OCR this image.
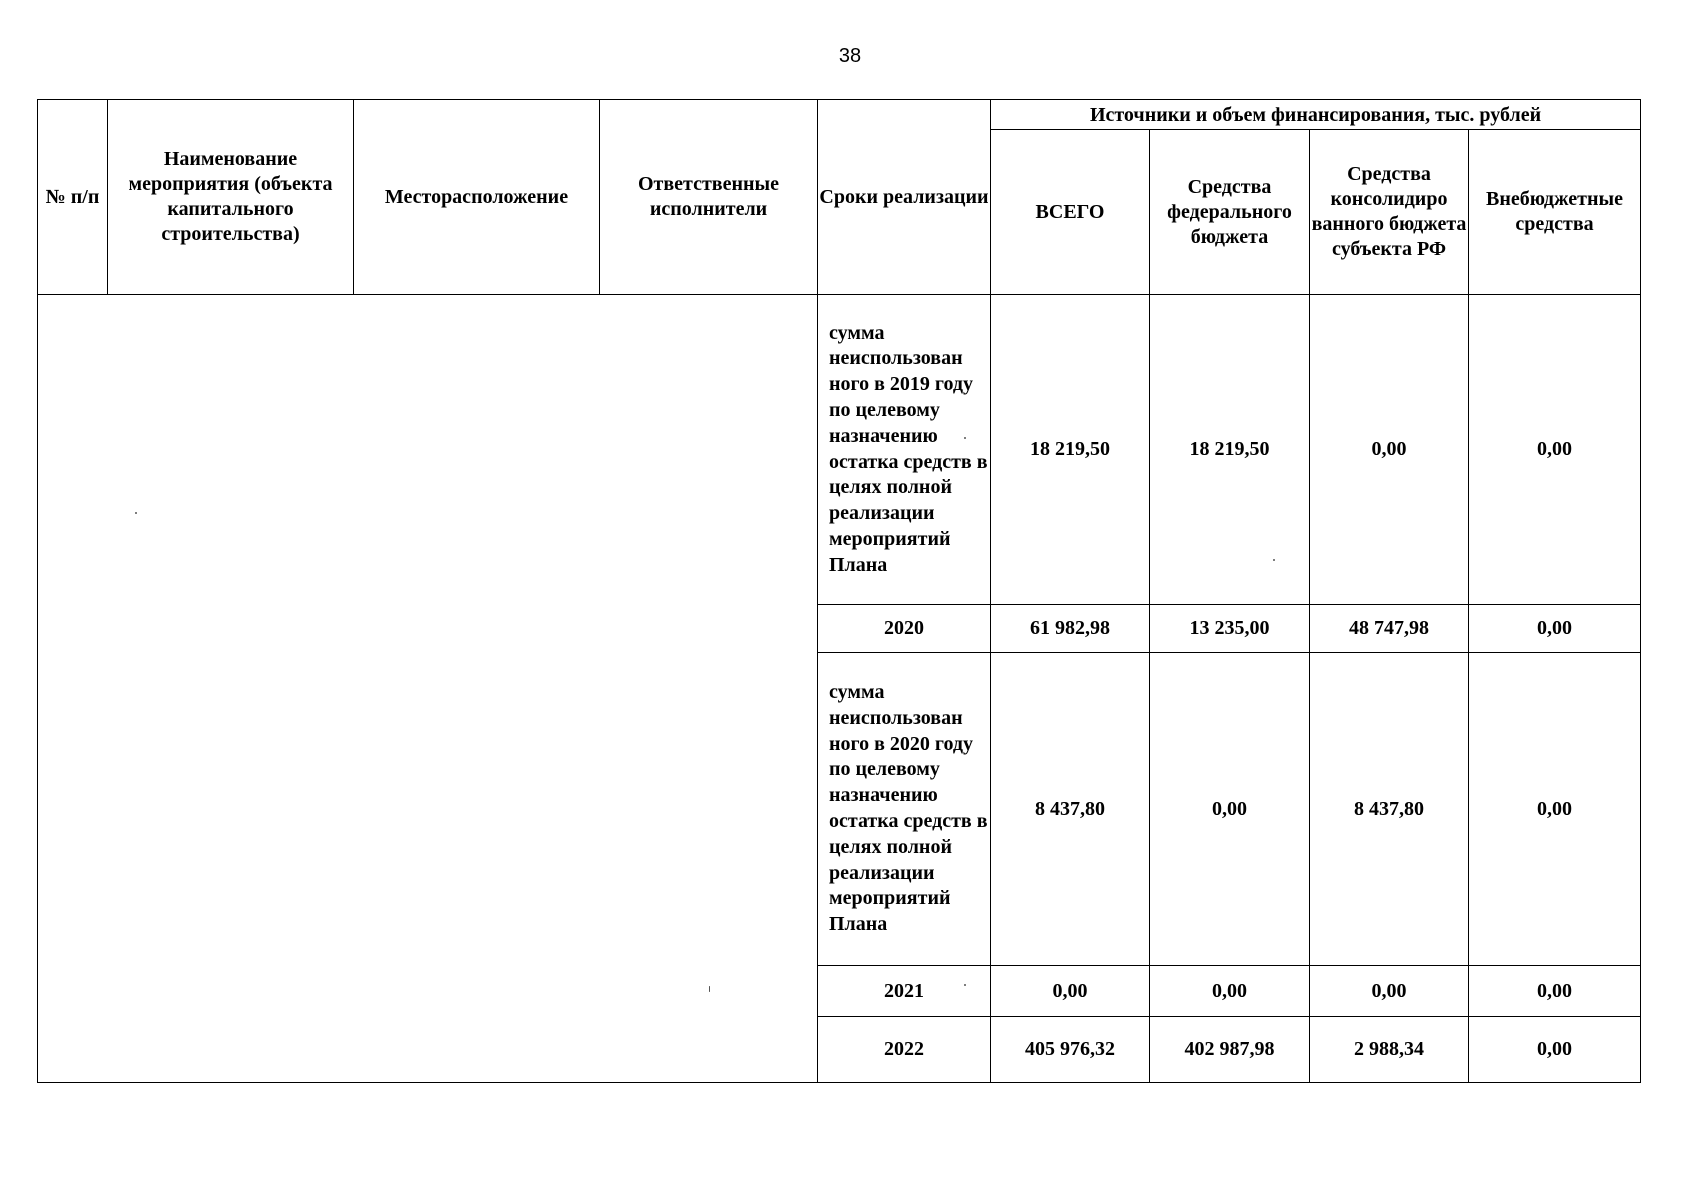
38
№ п/п	Наименование мероприятия (объекта капитального строительства)	Месторасположение	Ответственные исполнители	Сроки реализации	Источники и объем финансирования, тыс. рублей			
					ВСЕГО	Средства федерального бюджета	Средства консолидиро ванного бюджета субъекта РФ	Внебюджетные средства
				сумма неиспользован ного в 2019 году по целевому назначению остатка средств в целях полной реализации мероприятий Плана	18 219,50	18 219,50	0,00	0,00
				2020	61 982,98	13 235,00	48 747,98	0,00
				сумма неиспользован ного в 2020 году по целевому назначению остатка средств в целях полной реализации мероприятий Плана	8 437,80	0,00	8 437,80	0,00
				2021	0,00	0,00	0,00	0,00
				2022	405 976,32	402 987,98	2 988,34	0,00
